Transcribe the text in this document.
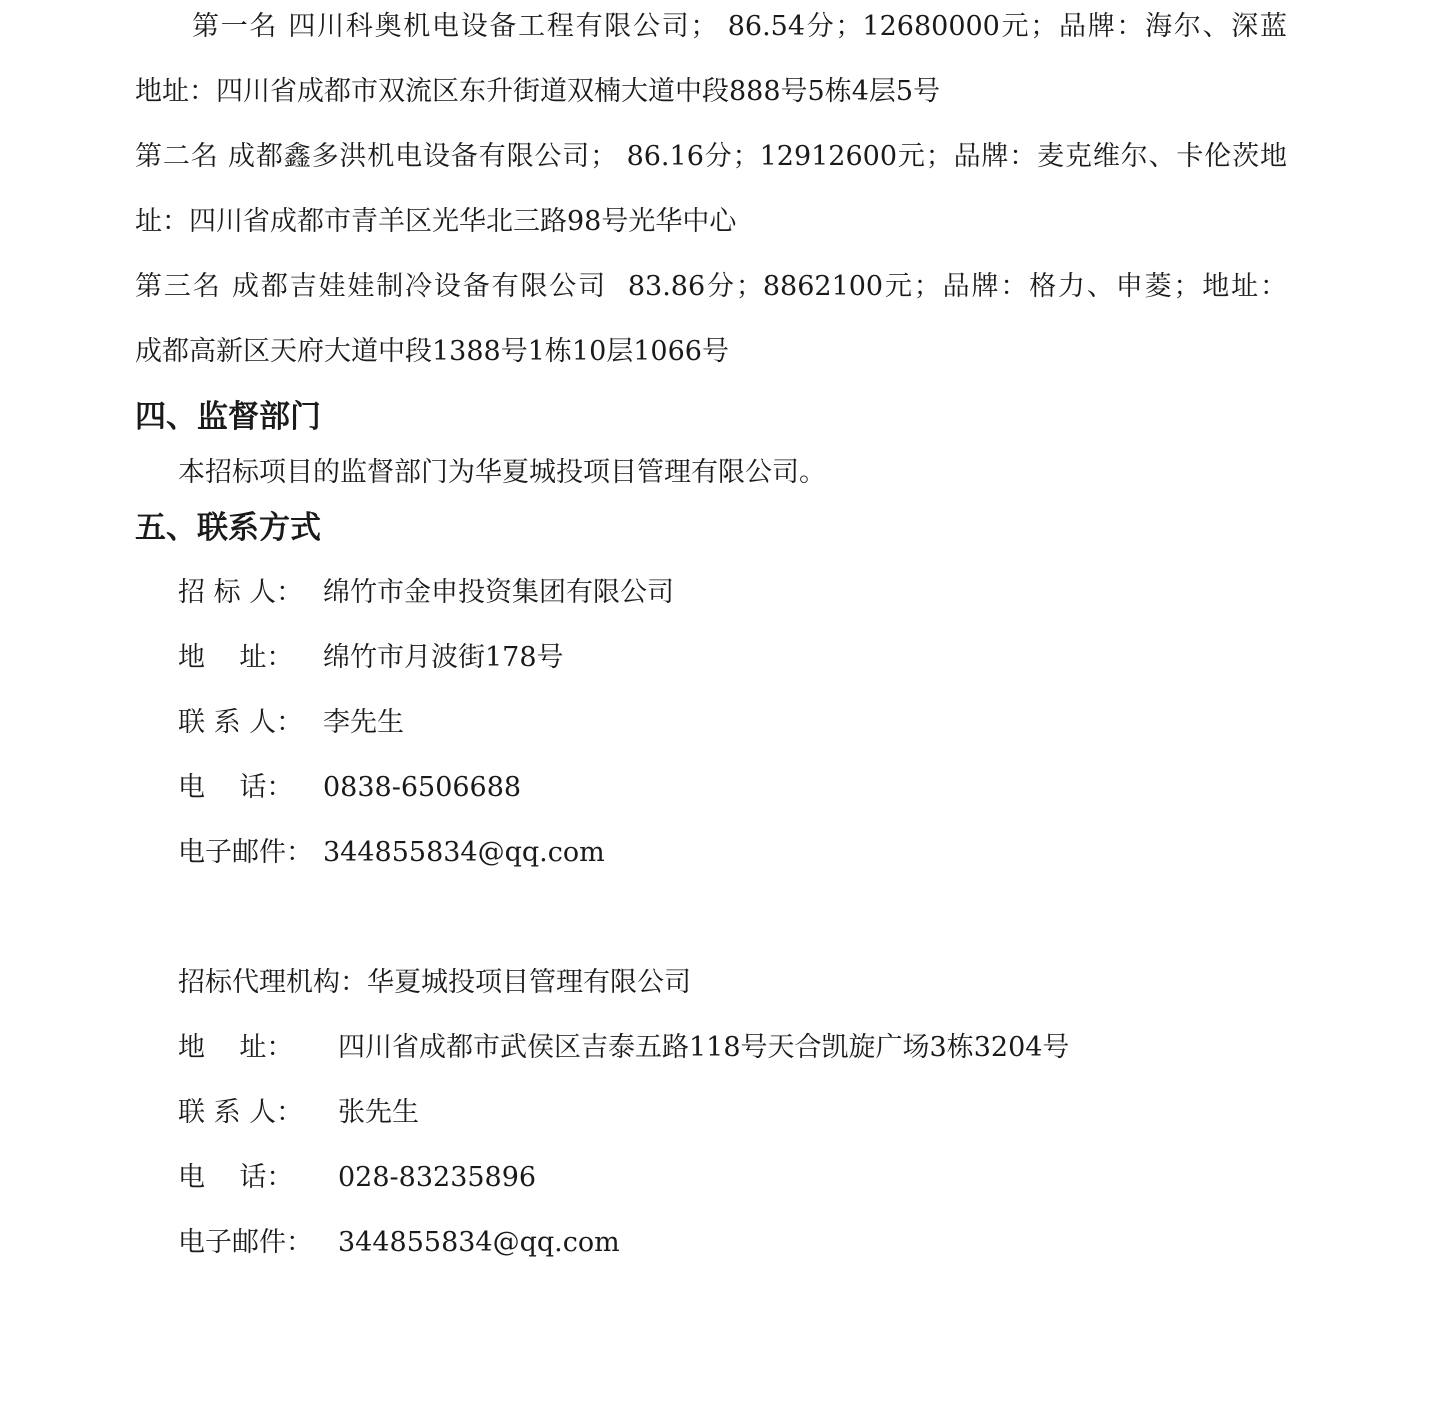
第一名 四川科奥机电设备工程有限公司； 86.54分；12680000元；品牌：海尔、深蓝
地址：四川省成都市双流区东升街道双楠大道中段888号5栋4层5号
第二名 成都鑫多洪机电设备有限公司； 86.16分；12912600元；品牌：麦克维尔、卡伦茨地
址：四川省成都市青羊区光华北三路98号光华中心
第三名 成都吉娃娃制冷设备有限公司  83.86分；8862100元；品牌：格力、申菱；地址：
成都高新区天府大道中段1388号1栋10层1066号
四、监督部门
本招标项目的监督部门为华夏城投项目管理有限公司。
五、联系方式
招 标 人： 绵竹市金申投资集团有限公司
地    址： 绵竹市月波街178号
联 系 人： 李先生
电    话： 0838-6506688
电子邮件： 344855834@qq.com
招标代理机构：华夏城投项目管理有限公司
地    址： 四川省成都市武侯区吉泰五路118号天合凯旋广场3栋3204号
联 系 人： 张先生
电    话： 028-83235896
电子邮件： 344855834@qq.com
